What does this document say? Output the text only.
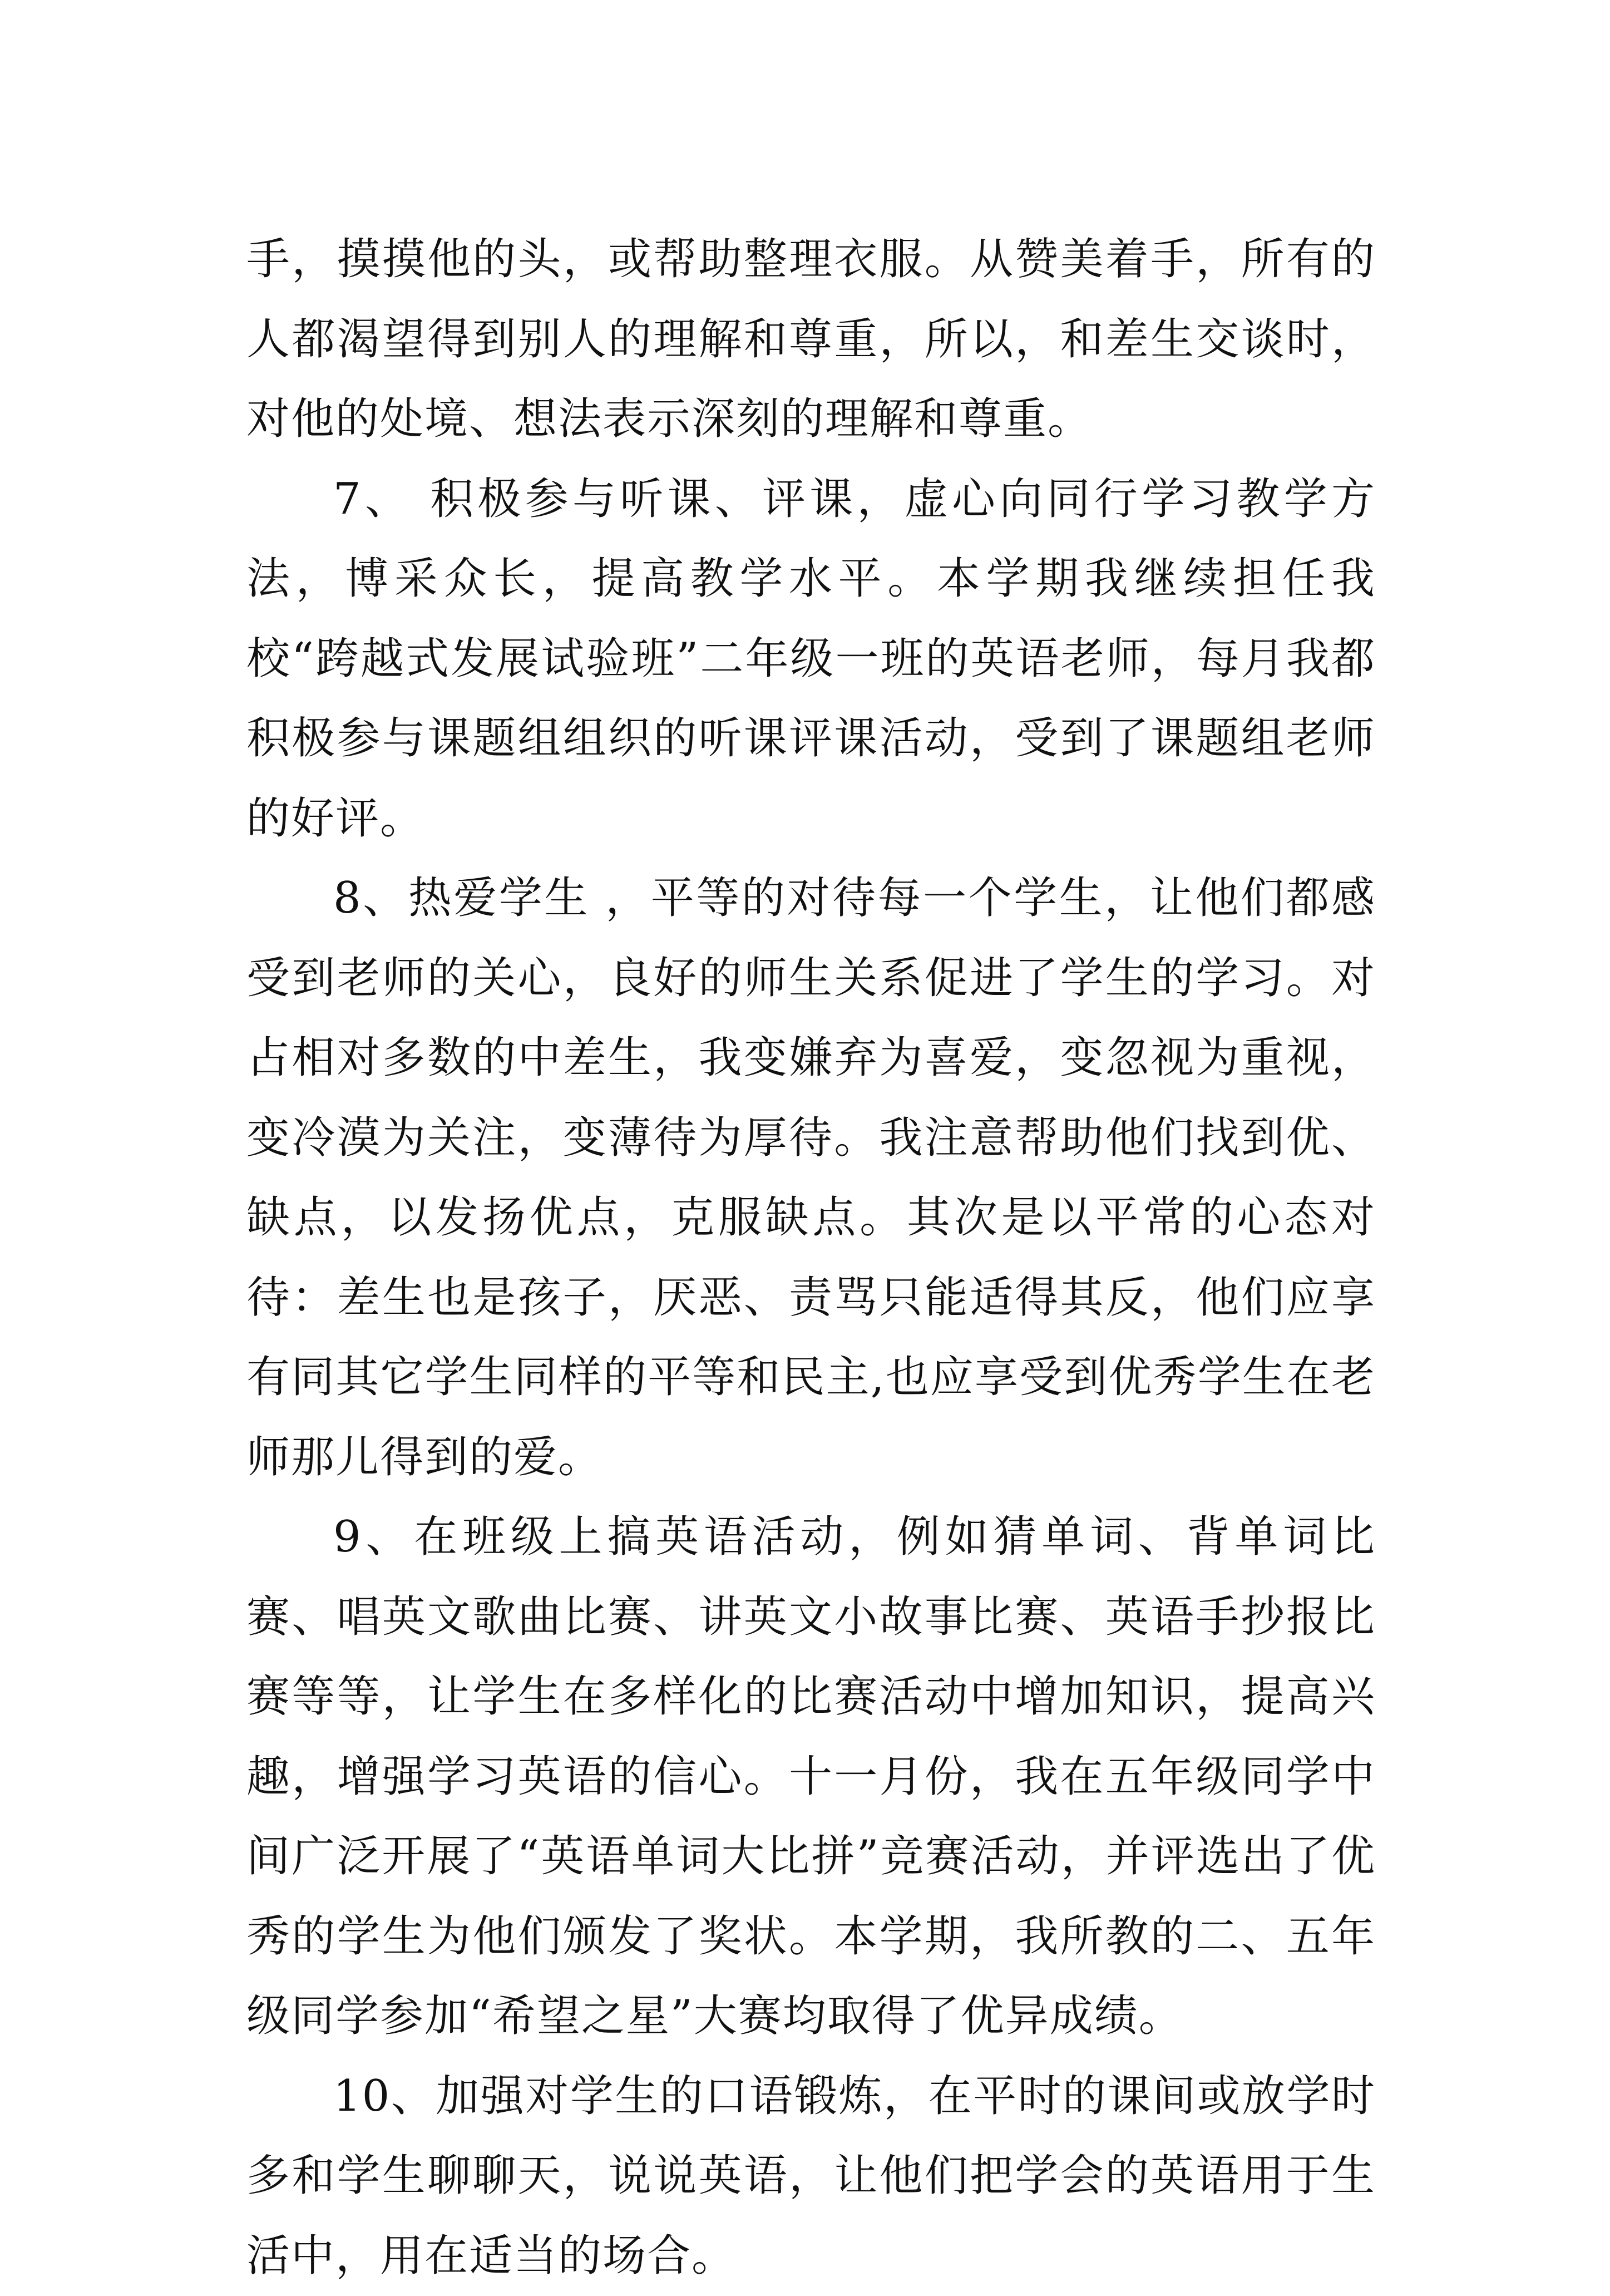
手，摸摸他的头，或帮助整理衣服。从赞美着手，所有的人都渴望得到别人的理解和尊重，所以，和差生交谈时，对他的处境、想法表示深刻的理解和尊重。

7、 积极参与听课、评课，虚心向同行学习教学方法，博采众长，提高教学水平。本学期我继续担任我校“跨越式发展试验班”二年级一班的英语老师，每月我都积极参与课题组组织的听课评课活动，受到了课题组老师的好评。

8、热爱学生 ，平等的对待每一个学生，让他们都感受到老师的关心，良好的师生关系促进了学生的学习。对占相对多数的中差生，我变嫌弃为喜爱，变忽视为重视，变冷漠为关注，变薄待为厚待。我注意帮助他们找到优、缺点，以发扬优点，克服缺点。其次是以平常的心态对待：差生也是孩子，厌恶、责骂只能适得其反，他们应享有同其它学生同样的平等和民主,也应享受到优秀学生在老师那儿得到的爱。

9、在班级上搞英语活动，例如猜单词、背单词比赛、唱英文歌曲比赛、讲英文小故事比赛、英语手抄报比赛等等，让学生在多样化的比赛活动中增加知识，提高兴趣，增强学习英语的信心。十一月份，我在五年级同学中间广泛开展了“英语单词大比拼”竞赛活动，并评选出了优秀的学生为他们颁发了奖状。本学期，我所教的二、五年级同学参加“希望之星”大赛均取得了优异成绩。

10、加强对学生的口语锻炼，在平时的课间或放学时多和学生聊聊天，说说英语，让他们把学会的英语用于生活中，用在适当的场合。
